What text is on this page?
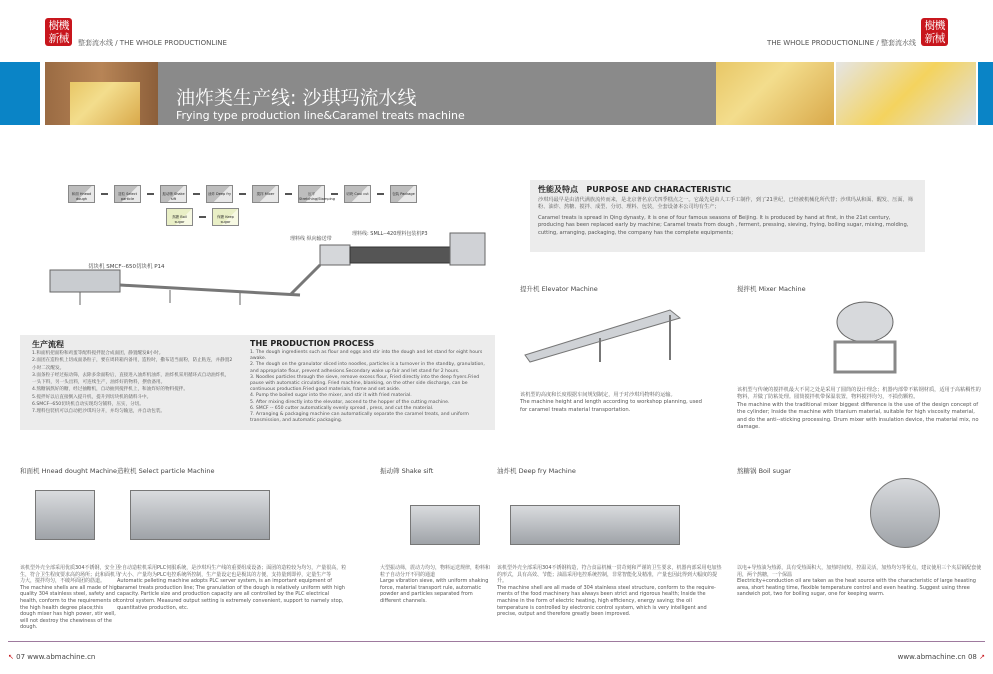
樹機
新械	整套流水线 / THE WHOLE PRODUCTIONLINE
樹機
新械
THE WHOLE PRODUCTIONLINE / 整套流水线
油炸类生产线: 沙琪玛流水线
Frying type production line&Caramel treats machine
和面 Hnead dough
造粒 Select particle
振动筛 Shake sift
油炸 Deep fry	搅拌 Mixer	压平 Stretching/Stamping
切块 Cool cut	包装 Package
熬糖 Boil sugar
保糖 Keep sugar
切块机 SMCF--650切块机 P14
理料线 纵向输送带
理料线: SMLL--420理料包装机P3
性能及特点 PURPOSE AND CHARACTERISTIC
沙琪玛最早是由清代满族流传而来，是北京著名京式四季糕点之一。它最先是由人工手工制作，到了21世纪，已经被机械化所代替；沙琪玛从和面、醒发、压面、筛粉、油炸、熬糖、搅拌、成型、分切、理料、包装，全套设备本公司均有生产；
Caramel treats is spread in Qing dynasty, it is one of four famous seasons of Beijing. It is produced by hand at first, in the 21st century, producing has been replaced early by machine; Caramel treats from dough , ferment, pressing, sieving, frying, boiling sugar, mixing, molding, cutting, arranging, packaging, the company has the complete equipments;
提升机 Elevator Machine
该机型的高度和长度根据车间规划制定，用于对沙琪玛物料的运输。
The machine height and length according to workshop planning, used for caramel treats material transportation.
搅拌机 Mixer Machine
该机型与传统的搅拌机最大不同之处是采用了圆筒的设计理念；机器内部带不粘钢材质，适用于高粘稠性的物料，并做了防粘处理。圆筒搅拌机带保温装置，物料搅拌均匀，不损伤颗粒。
The machine with the traditional mixer biggest difference is the use of the design concept of the cylinder; Inside the machine with titanium material, suitable for high viscosity material, and do the anti--sticking processing. Drum mixer with insulation device, the material mix, no damage.
生产流程
1.和面机把面粉和鸡蛋等配料搅拌混合成面团，静置醒发8小时。
2.面团在造粒机上切成面条粒子，要在周转箱内备用，造粒时，撒布适当面粉，防止粘连，并静置2小时二次醒发。
3.面条粒子经过振动筛，去除多余面粉后，直接进入油炸机油炸，油炸机采用循环式自动油炸机，一头下料，另一头出料，可连续生产，油炸好的物料，摆放备用。
4.熬糖锅熬好的糖，经过抽糖机，自动抽到搅拌机上，和油炸好的物料搅拌。
5.搅拌好以后直接倒入提升机，提升到切块机的储料斗中。
6.SMCF--650切块机自动实现均匀铺料，压实，分切。
7.理料包装机可以自动把沙琪玛分开，并均匀输送，并自动包装。
THE PRODUCTION PROCESS
1. The dough ingredients such as flour and eggs and stir into the dough and let stand for eight hours awake.
2. The dough on the granulator sliced into noodles, particles is a turnover in the standby, granulation, and appropriate flour, prevent adhesions.Secondary wake up fair and let stand for 2 hours.
3. Noodles particles through the sieve, remove excess flour, Fried directly into the deep fryers.Fried pause with automatic circulating. Fried machine, blanking, on the other side discharge, can be continuous production.Fried good materials, frame and set aside.
4. Pump the boiled sugar into the mixer, and stir it with fried material.
5. After mixing directly into the elevator, ascend to the hopper of the cutting machine.
6. SMCF -- 650 cutter automatically evenly spread , press, and cut the material.
7. Arranging & packaging machine can automatically separate the caramel treats, and uniform transmission, and automatic packaging.
和面机 Hnead dought Machine
该机型外壳全部采用优质304不锈钢，安全卫生，符合卫生程度要求高的场所；此和面机马力大，搅拌均匀，不破坏面团的筋道。
The machine shells are all made of high quality 304 stainless steel, safety and health, conform to the requirements of the high health degree place;this dough mixer has high power, stir well, will not destroy the chewiness of the dough.
造粒机 Select particle Machine
全自动造粒机采用PLC伺服系统，是沙琪玛生产线的重要组成设备；面团的造粒较为均匀，产量很高，粒子大小、产量均为PLC电控系统所控制，生产量设定也是极其的方便，支持量到即停，定量生产等
Automatic pelleting machine adopts PLC server system, is an important equipment of caramel treats production line; The granulation of the dough is relatively uniform with high capacity. Particle size and production capacity are all controlled by the PLC electrical control system. Measured output setting is extremely convenient, support to namely stop, quantitative production, etc.
振动筛 Shake sift
大型振动筛，震动力均匀，物料运送规律，粉料和粒子自动分开不同的通道
Large vibration sieve, with uniform shaking force, material transport rule, automatic powder and particles separated from different channels.
油炸机 Deep fry Machine
该机型外壳全部采用304不锈钢构造，符合食品机械一贯苛刻和严谨的卫生要求，机器内部采用电加热的形式，具有高效、节能；油温采用电控系统控制，非常智能化及精准，产量也因此得到大幅度的提升。
The machine shell are all made of 304 stainless steel structure, conform to the require-ments of the food machinery has always been strict and rigorous health; Inside the machine in the form of electric heating, high efficiency, energy saving; the oil temperature is controlled by electronic control system, which is very intelligent and precise, output and therefore greatly been improved.
熬糖锅 Boil sugar
以电+导热油为热源，具有受热面积大，加热时间短，控温灵活，加热均匀等优点，建议使用三个夹层锅配套使用，两个熬糖，一个保温
Electricity+conduction oil are taken as the heat source with the characteristic of large heasting area, short heating time, flexible temperature control and even heating. Suggest using three sandwich pot, two for boiling sugar, one for keeping warm.
↖ 07 www.abmachine.cn	www.abmachine.cn 08 ↗
